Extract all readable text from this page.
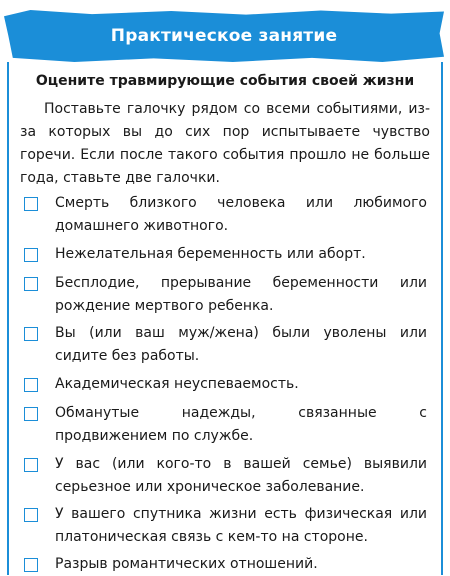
Практическое занятие
Оцените травмирующие события своей жизни
Поставьте галочку рядом со всеми событиями, из-за которых вы до сих пор испытываете чувство горечи. Если после такого события прошло не больше года, ставьте две галочки.
Смерть близкого человека или любимого домашнего животного.
Нежелательная беременность или аборт.
Бесплодие, прерывание беременности или рождение мертвого ребенка.
Вы (или ваш муж/жена) были уволены или сидите без работы.
Академическая неуспеваемость.
Обманутые надежды, связанные с продвижением по службе.
У вас (или кого-то в вашей семье) выявили серьезное или хроническое заболевание.
У вашего спутника жизни есть физическая или платоническая связь с кем-то на стороне.
Разрыв романтических отношений.
